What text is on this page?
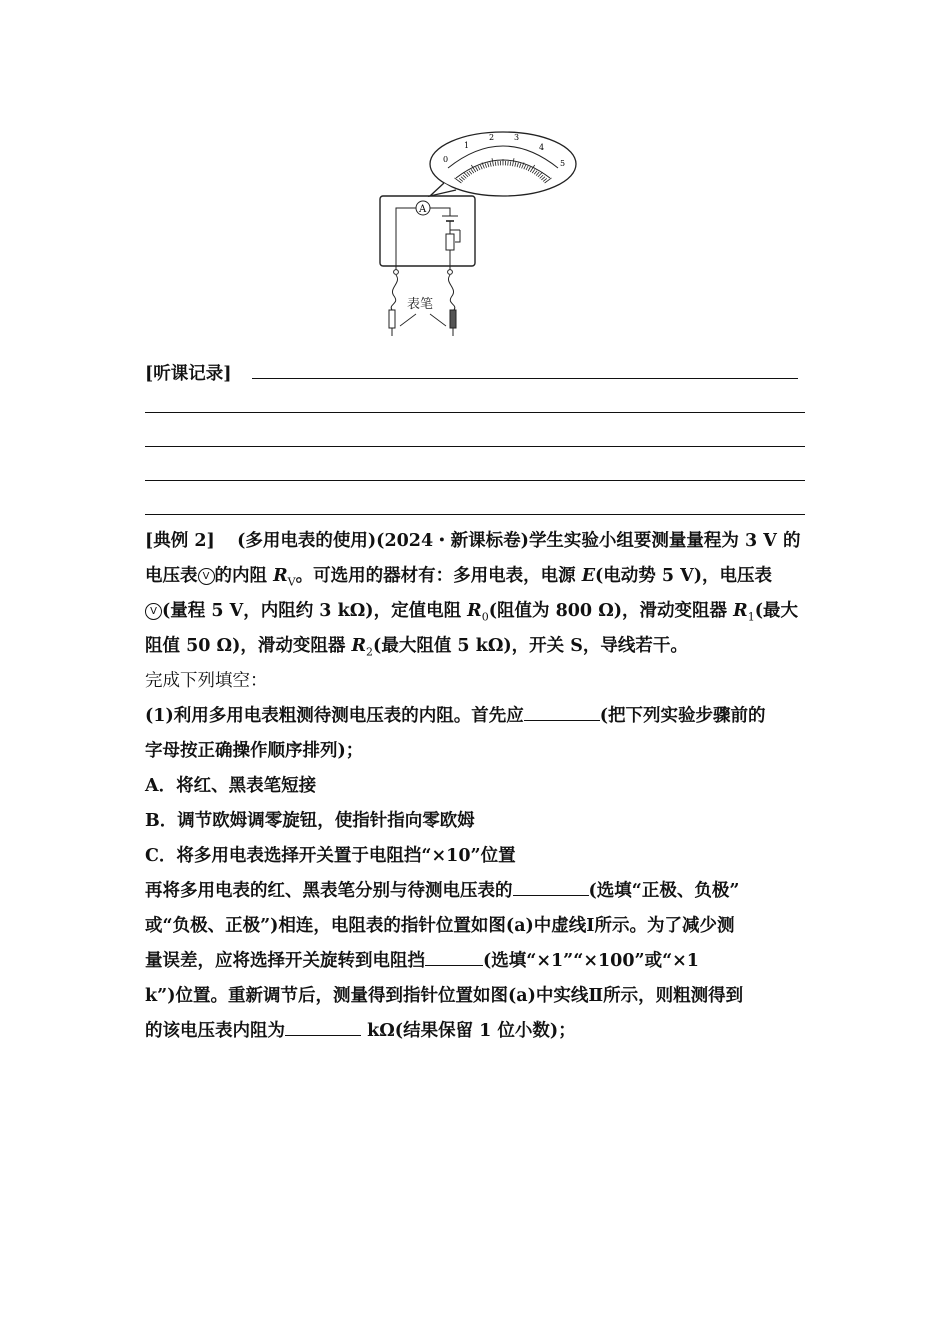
0
1
2 3
4
5
A
表笔
[听课记录]
[典例 2] (多用电表的使用)(2024・新课标卷)学生实验小组要测量量程为 3 V 的
电压表 V 的内阻 $R_V$。可选用的器材有：多用电表，电源 E(电动势 5 V)，电压表
V (量程 5 V，内阻约 3 kΩ)，定值电阻 $R_0$(阻值为 800 Ω)，滑动变阻器 $R_1$(最大
阻值 50 Ω)，滑动变阻器 $R_2$(最大阻值 5 kΩ)，开关 S，导线若干。
完成下列填空：
(1)利用多用电表粗测待测电压表的内阻。首先应	(把下列实验步骤前的
字母按正确操作顺序排列)；
A．将红、黑表笔短接
B．调节欧姆调零旋钮，使指针指向零欧姆
C．将多用电表选择开关置于电阻挡“×10”位置
再将多用电表的红、黑表笔分别与待测电压表的	(选填“正极、负极”
或“负极、正极”)相连，电阻表的指针位置如图(a)中虚线Ⅰ所示。为了减少测
量误差，应将选择开关旋转到电阻挡	(选填“×1”“×100”或“×1
k”)位置。重新调节后，测量得到指针位置如图(a)中实线Ⅱ所示，则粗测得到
的该电压表内阻为	kΩ(结果保留 1 位小数)；
